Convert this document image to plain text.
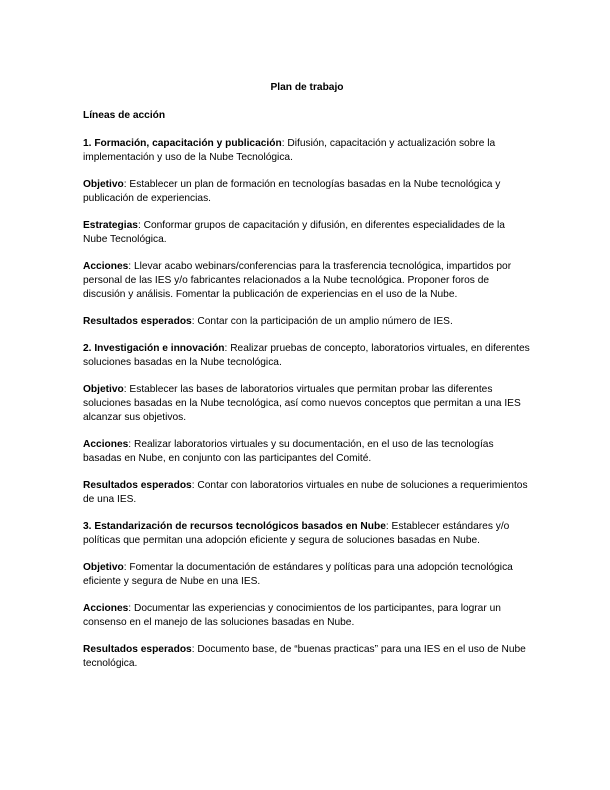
Plan de trabajo
Líneas de acción

1. Formación, capacitación y publicación: Difusión, capacitación y actualización sobre la implementación y uso de la Nube Tecnológica.

Objetivo: Establecer un plan de formación en tecnologías basadas en la Nube tecnológica y publicación de experiencias.

Estrategias: Conformar grupos de capacitación y difusión, en diferentes especialidades de la Nube Tecnológica.

Acciones: Llevar acabo webinars/conferencias para la trasferencia tecnológica, impartidos por personal de las IES y/o fabricantes relacionados a la Nube tecnológica. Proponer foros de discusión y análisis. Fomentar la publicación de experiencias en el uso de la Nube.

Resultados esperados: Contar con la participación de un amplio número de IES.

2. Investigación e innovación: Realizar pruebas de concepto, laboratorios virtuales, en diferentes soluciones basadas en la Nube tecnológica.

Objetivo: Establecer las bases de laboratorios virtuales que permitan probar las diferentes soluciones basadas en la Nube tecnológica, así como nuevos conceptos que permitan a una IES alcanzar sus objetivos.

Acciones: Realizar laboratorios virtuales y su documentación, en el uso de las tecnologías basadas en Nube, en conjunto con las participantes del Comité.

Resultados esperados: Contar con laboratorios virtuales en nube de soluciones a requerimientos de una IES.

3. Estandarización de recursos tecnológicos basados en Nube: Establecer estándares y/o políticas que permitan una adopción eficiente y segura de soluciones basadas en Nube.

Objetivo: Fomentar la documentación de estándares y políticas para una adopción tecnológica eficiente y segura de Nube en una IES.

Acciones: Documentar las experiencias y conocimientos de los participantes, para lograr un consenso en el manejo de las soluciones basadas en Nube.

Resultados esperados: Documento base, de “buenas practicas” para una IES en el uso de Nube tecnológica.
